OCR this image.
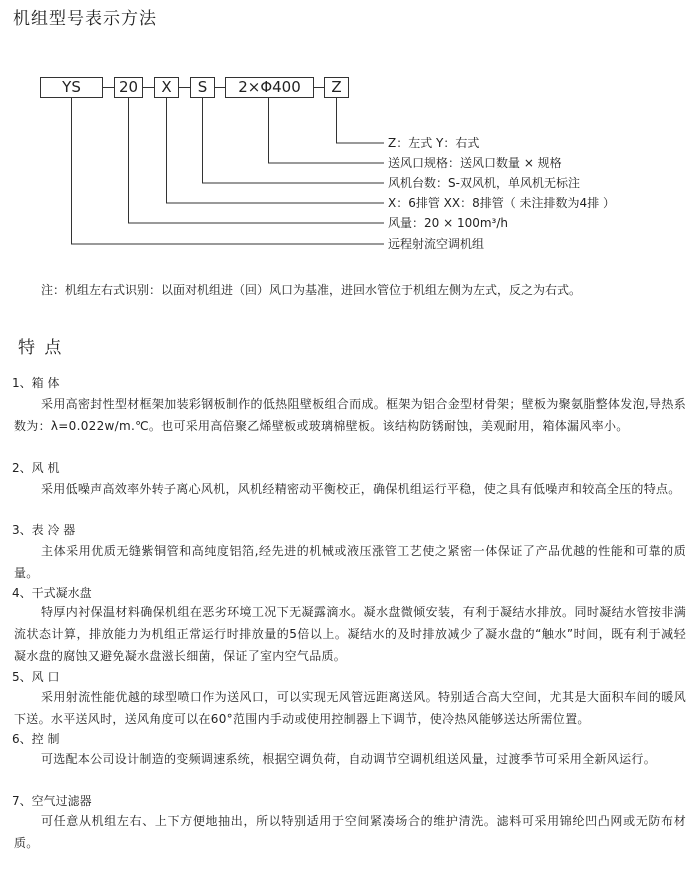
机组型号表示方法
YS	20	X	S	2×Φ400	Z
Z：左式 Y：右式
送风口规格：送风口数量 × 规格
风机台数：S-双风机，单风机无标注
X：6排管 XX：8排管（ 未注排数为4排 ）
风量：20 × 100m³/h
远程射流空调机组
注：机组左右式识别：以面对机组进（回）风口为基准，进回水管位于机组左侧为左式，反之为右式。
特 点
1、箱 体
采用高密封性型材框架加装彩钢板制作的低热阻壁板组合而成。框架为铝合金型材骨架；壁板为聚氨脂整体发泡,导热系数为：λ=0.022w/m.℃。也可采用高倍聚乙烯壁板或玻璃棉壁板。该结构防锈耐蚀，美观耐用，箱体漏风率小。
2、风 机
采用低噪声高效率外转子离心风机，风机经精密动平衡校正，确保机组运行平稳，使之具有低噪声和较高全压的特点。
3、表 冷 器
主体采用优质无缝紫铜管和高纯度铝箔,经先进的机械或液压涨管工艺使之紧密一体保证了产品优越的性能和可靠的质量。
4、干式凝水盘
特厚内衬保温材料确保机组在恶劣环境工况下无凝露滴水。凝水盘微倾安装，有利于凝结水排放。同时凝结水管按非满流状态计算，排放能力为机组正常运行时排放量的5倍以上。凝结水的及时排放减少了凝水盘的“触水”时间，既有利于减轻凝水盘的腐蚀又避免凝水盘滋长细菌，保证了室内空气品质。
5、风 口
采用射流性能优越的球型喷口作为送风口，可以实现无风管远距离送风。特别适合高大空间，尤其是大面积车间的暖风下送。水平送风时，送风角度可以在60°范围内手动或使用控制器上下调节，使冷热风能够送达所需位置。
6、控 制
可选配本公司设计制造的变频调速系统，根据空调负荷，自动调节空调机组送风量，过渡季节可采用全新风运行。
7、空气过滤器
可任意从机组左右、上下方便地抽出，所以特别适用于空间紧凑场合的维护清洗。滤料可采用锦纶凹凸网或无防布材质。
